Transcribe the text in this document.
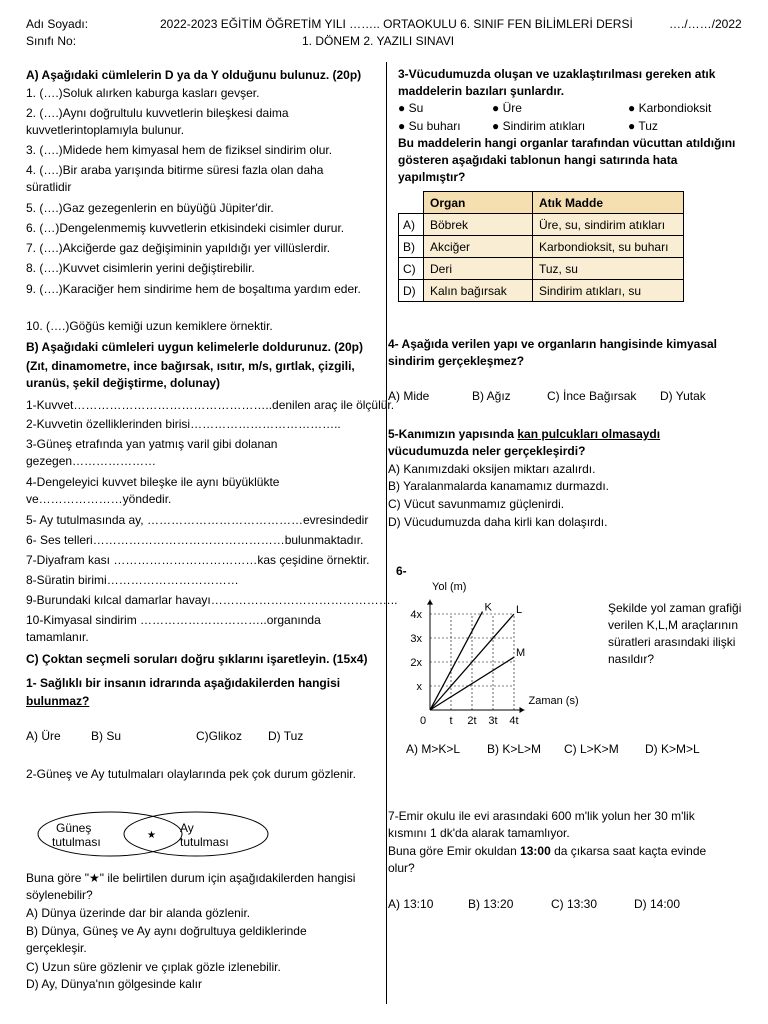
Adı Soyadı:
Sınıfı No:
2022-2023 EĞİTİM ÖĞRETİM YILI …….. ORTAOKULU 6. SINIF FEN BİLİMLERİ DERSİ
1. DÖNEM 2. YAZILI SINAVI
…./……/2022
A) Aşağıdaki cümlelerin D ya da Y olduğunu bulunuz. (20p)
1. (….)Soluk alırken kaburga kasları gevşer.
2. (….)Aynı doğrultulu kuvvetlerin bileşkesi daima kuvvetlerintoplamıyla bulunur.
3. (….)Midede hem kimyasal hem de fiziksel sindirim olur.
4. (….)Bir araba yarışında bitirme süresi fazla olan daha süratlidir
5. (….)Gaz gezegenlerin en büyüğü Jüpiter'dir.
6. (…)Dengelenmemiş kuvvetlerin etkisindeki cisimler durur.
7. (….)Akciğerde gaz değişiminin yapıldığı yer villüslerdir.
8. (….)Kuvvet cisimlerin yerini değiştirebilir.
9. (….)Karaciğer hem sindirime hem de boşaltıma yardım eder.
10. (….)Göğüs kemiği uzun kemiklere örnektir.
B) Aşağıdaki cümleleri uygun kelimelerle doldurunuz. (20p)
(Zıt, dinamometre, ince bağırsak, ısıtır, m/s, gırtlak, çizgili, uranüs, şekil değiştirme, dolunay)
1-Kuvvet…………………………………………..denilen araç ile ölçülür.
2-Kuvvetin özelliklerinden birisi………………………………..
3-Güneş etrafında yan yatmış varil gibi dolanan gezegen…………………
4-Dengeleyici kuvvet bileşke ile aynı büyüklükte ve…………………yöndedir.
5- Ay tutulmasında ay, …………………………………evresindedir
6- Ses telleri…………………………………………bulunmaktadır.
7-Diyafram kası ………………………………kas çeşidine örnektir.
8-Süratin birimi……………………………
9-Burundaki kılcal damarlar havayı………………………………………..
10-Kimyasal sindirim …………………………..organında tamamlanır.
C) Çoktan seçmeli soruları doğru şıklarını işaretleyin. (15x4)
1- Sağlıklı bir insanın idrarında aşağıdakilerden hangisi
bulunmaz?
A) Üre	B) Su	C)Glikoz D) Tuz
2-Güneş ve Ay tutulmaları olaylarında pek çok durum gözlenir.
Güneş
tutulması
Ay
tutulması
★
Buna göre "★" ile belirtilen durum için aşağıdakilerden hangisi söylenebilir?
A) Dünya üzerinde dar bir alanda gözlenir.
B) Dünya, Güneş ve Ay aynı doğrultuya geldiklerinde gerçekleşir.
C) Uzun süre gözlenir ve çıplak gözle izlenebilir.
D) Ay, Dünya'nın gölgesinde kalır
3-Vücudumuzda oluşan ve uzaklaştırılması gereken atık maddelerin bazıları şunlardır.
● Su	● Üre	● Karbondioksit
● Su buharı	● Sindirim atıkları	● Tuz
Bu maddelerin hangi organlar tarafından vücuttan atıldığını gösteren aşağıdaki tablonun hangi satırında hata yapılmıştır?
	Organ	Atık Madde
A)	Böbrek	Üre, su, sindirim atıkları
B)	Akciğer	Karbondioksit, su buharı
C)	Deri	Tuz, su
D)	Kalın bağırsak	Sindirim atıkları, su
4- Aşağıda verilen yapı ve organların hangisinde kimyasal sindirim gerçekleşmez?
A) Mide	B) Ağız	C) İnce Bağırsak D) Yutak
5-Kanımızın yapısında kan pulcukları olmasaydı
vücudumuzda neler gerçekleşirdi?
A) Kanımızdaki oksijen miktarı azalırdı.
B) Yaralanmalarda kanamamız durmazdı.
C) Vücut savunmamız güçlenirdi.
D) Vücudumuzda daha kirli kan dolaşırdı.
6-
t 2t 3t 4t
x
2x
3x
4x
0
Yol (m)
Zaman (s)
K L
M
Şekilde yol zaman grafiği verilen K,L,M araçlarının süratleri arasındaki ilişki nasıldır?
A) M>K>L B) K>L>M C) L>K>M D) K>M>L
7-Emir okulu ile evi arasındaki 600 m'lik yolun her 30 m'lik kısmını 1 dk'da alarak tamamlıyor.
Buna göre Emir okuldan 13:00 da çıkarsa saat kaçta evinde olur?
A) 13:10	B) 13:20	C) 13:30	D) 14:00
